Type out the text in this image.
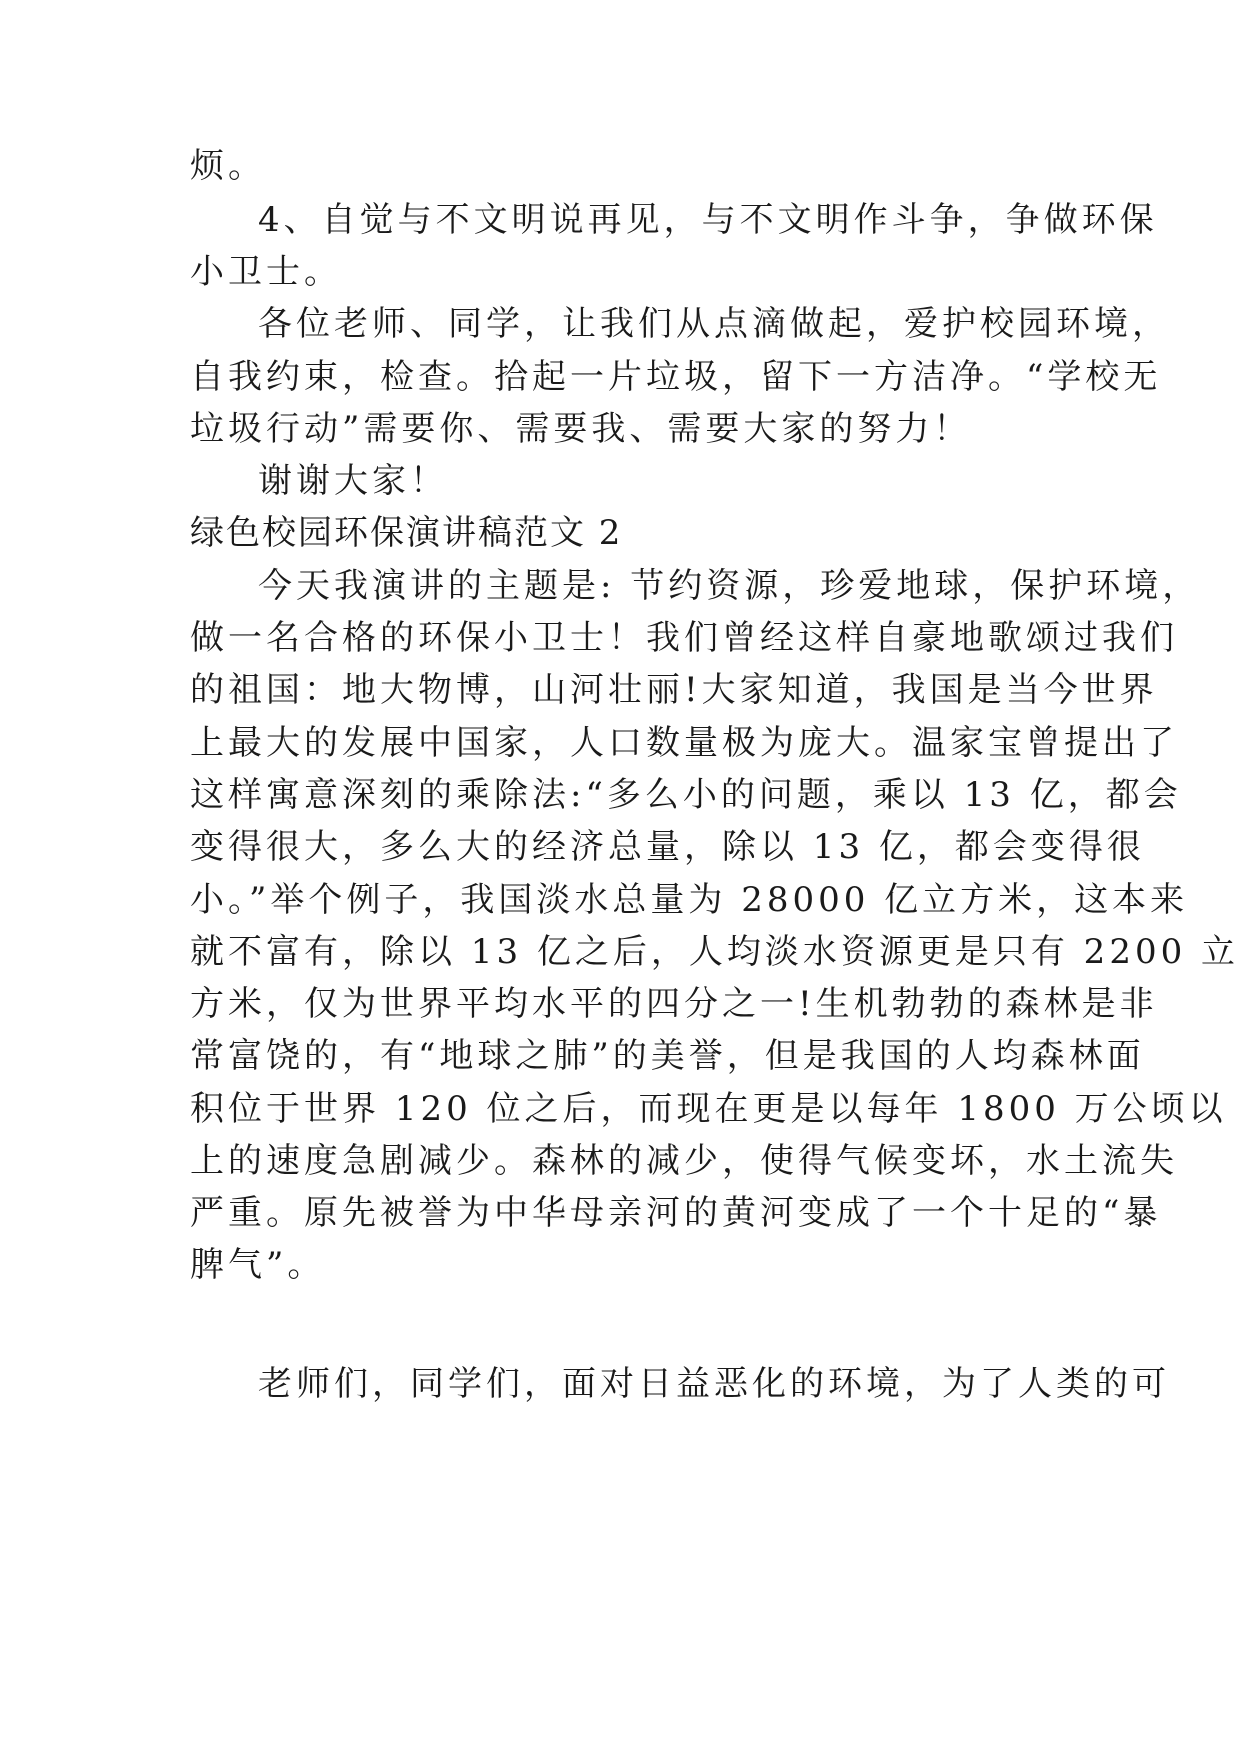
烦。
4、自觉与不文明说再见，与不文明作斗争，争做环保
小卫士。
各位老师、同学，让我们从点滴做起，爱护校园环境，
自我约束，检查。拾起一片垃圾，留下一方洁净。“学校无
垃圾行动”需要你、需要我、需要大家的努力！
谢谢大家！
绿色校园环保演讲稿范文 2
今天我演讲的主题是: 节约资源，珍爱地球，保护环境，
做一名合格的环保小卫士！我们曾经这样自豪地歌颂过我们
的祖国：地大物博，山河壮丽!大家知道，我国是当今世界
上最大的发展中国家，人口数量极为庞大。温家宝曾提出了
这样寓意深刻的乘除法:“多么小的问题，乘以 13 亿，都会
变得很大，多么大的经济总量，除以 13 亿，都会变得很
小。”举个例子，我国淡水总量为 28000 亿立方米，这本来
就不富有，除以 13 亿之后，人均淡水资源更是只有 2200 立
方米，仅为世界平均水平的四分之一!生机勃勃的森林是非
常富饶的，有“地球之肺”的美誉，但是我国的人均森林面
积位于世界 120 位之后，而现在更是以每年 1800 万公顷以
上的速度急剧减少。森林的减少，使得气候变坏，水土流失
严重。原先被誉为中华母亲河的黄河变成了一个十足的“暴
脾气”。
老师们，同学们，面对日益恶化的环境，为了人类的可
